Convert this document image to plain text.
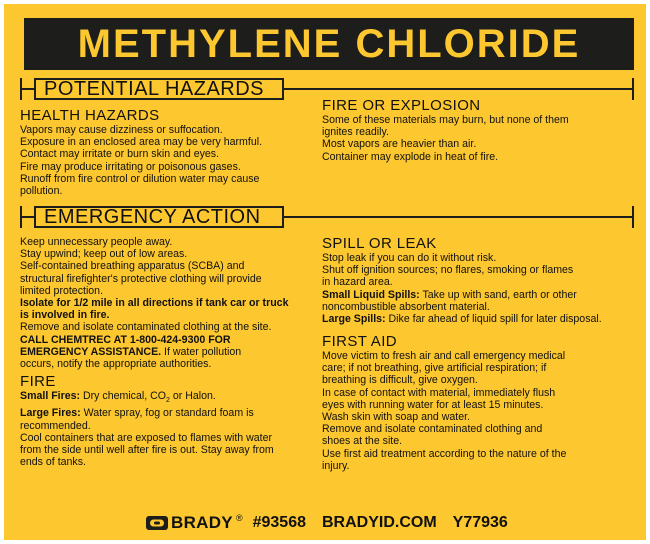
METHYLENE CHLORIDE
POTENTIAL HAZARDS
HEALTH HAZARDS
Vapors may cause dizziness or suffocation.
Exposure in an enclosed area may be very harmful.
Contact may irritate or burn skin and eyes.
Fire may produce irritating or poisonous gases.
Runoff from fire control or dilution water may cause
pollution.
FIRE OR EXPLOSION
Some of these materials may burn, but none of them
ignites readily.
Most vapors are heavier than air.
Container may explode in heat of fire.
EMERGENCY ACTION
Keep unnecessary people away.
Stay upwind; keep out of low areas.
Self-contained breathing apparatus (SCBA) and
structural firefighter's protective clothing will provide
limited protection.
Isolate for 1/2 mile in all directions if tank car or truck
is involved in fire.
Remove and isolate contaminated clothing at the site.
CALL CHEMTREC AT 1-800-424-9300 FOR
EMERGENCY ASSISTANCE. If water pollution
occurs, notify the appropriate authorities.
FIRE
Small Fires: Dry chemical, $CO_2$ or Halon.
Large Fires: Water spray, fog or standard foam is
recommended.
Cool containers that are exposed to flames with water
from the side until well after fire is out. Stay away from
ends of tanks.
SPILL OR LEAK
Stop leak if you can do it without risk.
Shut off ignition sources; no flares, smoking or flames
in hazard area.
Small Liquid Spills: Take up with sand, earth or other
noncombustible absorbent material.
Large Spills: Dike far ahead of liquid spill for later disposal.
FIRST AID
Move victim to fresh air and call emergency medical
care; if not breathing, give artificial respiration; if
breathing is difficult, give oxygen.
In case of contact with material, immediately flush
eyes with running water for at least 15 minutes.
Wash skin with soap and water.
Remove and isolate contaminated clothing and
shoes at the site.
Use first aid treatment according to the nature of the
injury.
BRADY ® #93568 BRADYID.COM Y77936
